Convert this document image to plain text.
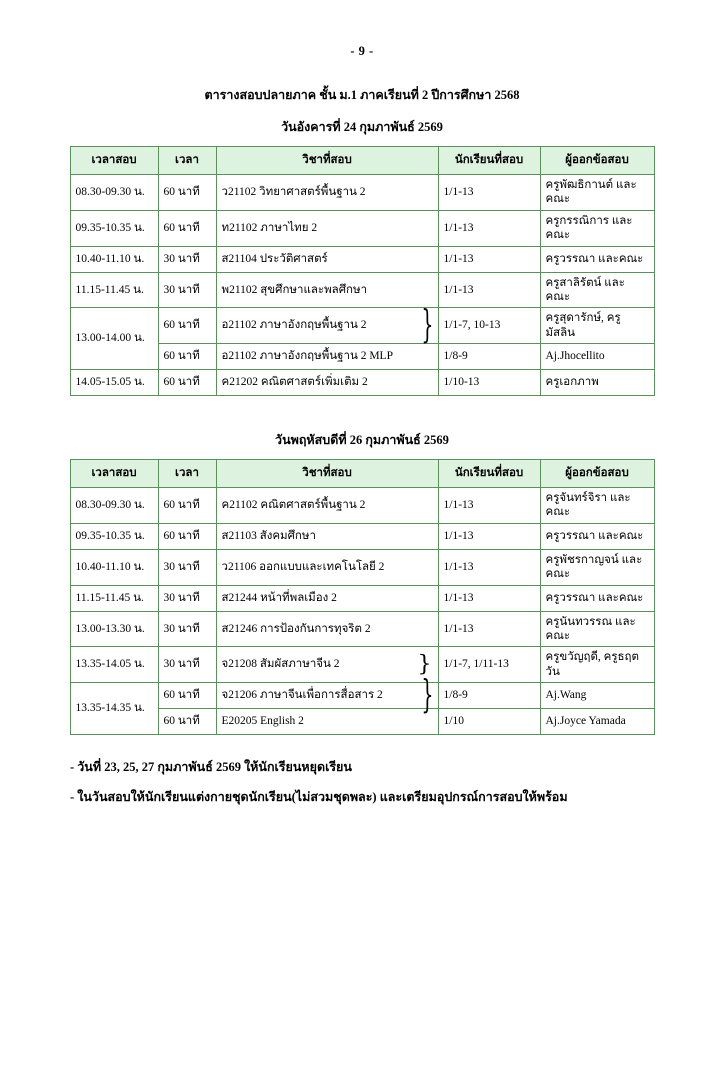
- 9 -
ตารางสอบปลายภาค ชั้น ม.1 ภาคเรียนที่ 2 ปีการศึกษา 2568
วันอังคารที่ 24 กุมภาพันธ์ 2569
เวลาสอบ	เวลา	วิชาที่สอบ	นักเรียนที่สอบ	ผู้ออกข้อสอบ
08.30-09.30 น.	60 นาที	ว21102 วิทยาศาสตร์พื้นฐาน 2	1/1-13	ครูพัฒธิกานต์ และคณะ
09.35-10.35 น.	60 นาที	ท21102 ภาษาไทย 2	1/1-13	ครูกรรณิการ และคณะ
10.40-11.10 น.	30 นาที	ส21104 ประวัติศาสตร์	1/1-13	ครูวรรณา และคณะ
11.15-11.45 น.	30 นาที	พ21102 สุขศึกษาและพลศึกษา	1/1-13	ครูสาลิรัตน์ และคณะ
13.00-14.00 น.	60 นาที	อ21102 ภาษาอังกฤษพื้นฐาน 2 }	1/1-7, 10-13	ครูสุดารักษ์, ครูมัสลิน
	60 นาที	อ21102 ภาษาอังกฤษพื้นฐาน 2 MLP	1/8-9	Aj.Jhocellito
14.05-15.05 น.	60 นาที	ค21202 คณิตศาสตร์เพิ่มเติม 2	1/10-13	ครูเอกภาพ
วันพฤหัสบดีที่ 26 กุมภาพันธ์ 2569
เวลาสอบ	เวลา	วิชาที่สอบ	นักเรียนที่สอบ	ผู้ออกข้อสอบ
08.30-09.30 น.	60 นาที	ค21102 คณิตศาสตร์พื้นฐาน 2	1/1-13	ครูจันทร์จิรา และคณะ
09.35-10.35 น.	60 นาที	ส21103 สังคมศึกษา	1/1-13	ครูวรรณา และคณะ
10.40-11.10 น.	30 นาที	ว21106 ออกแบบและเทคโนโลยี 2	1/1-13	ครูพัชรกาญจน์ และคณะ
11.15-11.45 น.	30 นาที	ส21244 หน้าที่พลเมือง 2	1/1-13	ครูวรรณา และคณะ
13.00-13.30 น.	30 นาที	ส21246 การป้องกันการทุจริต 2	1/1-13	ครูนันทวรรณ และคณะ
13.35-14.05 น.	30 นาที	จ21208 สัมผัสภาษาจีน 2 }	1/1-7, 1/11-13	ครูขวัญฤดี, ครูธฤตวัน
13.35-14.35 น.	60 นาที	จ21206 ภาษาจีนเพื่อการสื่อสาร 2 }	1/8-9	Aj.Wang
	60 นาที	E20205 English 2	1/10	Aj.Joyce Yamada
- วันที่ 23, 25, 27 กุมภาพันธ์ 2569 ให้นักเรียนหยุดเรียน
- ในวันสอบให้นักเรียนแต่งกายชุดนักเรียน(ไม่สวมชุดพละ) และเตรียมอุปกรณ์การสอบให้พร้อม
